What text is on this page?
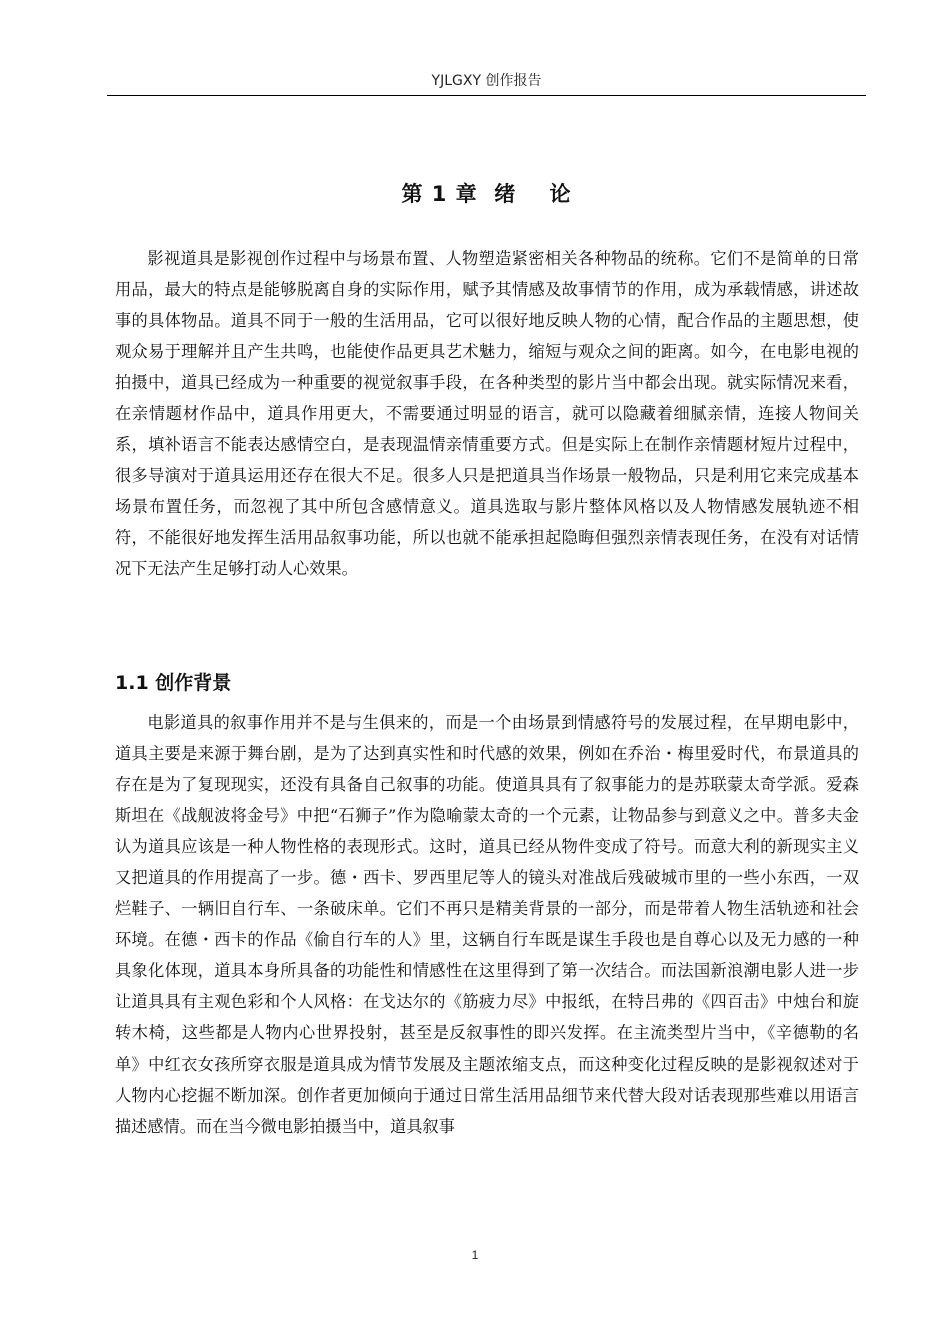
YJLGXY 创作报告
第 1 章  绪    论

影视道具是影视创作过程中与场景布置、人物塑造紧密相关各种物品的统称。它们不是简单的日常用品，最大的特点是能够脱离自身的实际作用，赋予其情感及故事情节的作用，成为承载情感，讲述故事的具体物品。道具不同于一般的生活用品，它可以很好地反映人物的心情，配合作品的主题思想，使观众易于理解并且产生共鸣，也能使作品更具艺术魅力，缩短与观众之间的距离。如今，在电影电视的拍摄中，道具已经成为一种重要的视觉叙事手段，在各种类型的影片当中都会出现。就实际情况来看，在亲情题材作品中，道具作用更大，不需要通过明显的语言，就可以隐藏着细腻亲情，连接人物间关系，填补语言不能表达感情空白，是表现温情亲情重要方式。但是实际上在制作亲情题材短片过程中，很多导演对于道具运用还存在很大不足。很多人只是把道具当作场景一般物品，只是利用它来完成基本场景布置任务，而忽视了其中所包含感情意义。道具选取与影片整体风格以及人物情感发展轨迹不相符，不能很好地发挥生活用品叙事功能，所以也就不能承担起隐晦但强烈亲情表现任务，在没有对话情况下无法产生足够打动人心效果。

1.1 创作背景

电影道具的叙事作用并不是与生俱来的，而是一个由场景到情感符号的发展过程，在早期电影中，道具主要是来源于舞台剧，是为了达到真实性和时代感的效果，例如在乔治・梅里爱时代，布景道具的存在是为了复现现实，还没有具备自己叙事的功能。使道具具有了叙事能力的是苏联蒙太奇学派。爱森斯坦在《战舰波将金号》中把“石狮子”作为隐喻蒙太奇的一个元素，让物品参与到意义之中。普多夫金认为道具应该是一种人物性格的表现形式。这时，道具已经从物件变成了符号。而意大利的新现实主义又把道具的作用提高了一步。德・西卡、罗西里尼等人的镜头对准战后残破城市里的一些小东西，一双烂鞋子、一辆旧自行车、一条破床单。它们不再只是精美背景的一部分，而是带着人物生活轨迹和社会环境。在德・西卡的作品《偷自行车的人》里，这辆自行车既是谋生手段也是自尊心以及无力感的一种具象化体现，道具本身所具备的功能性和情感性在这里得到了第一次结合。而法国新浪潮电影人进一步让道具具有主观色彩和个人风格：在戈达尔的《筋疲力尽》中报纸，在特吕弗的《四百击》中烛台和旋转木椅，这些都是人物内心世界投射，甚至是反叙事性的即兴发挥。在主流类型片当中，《辛德勒的名单》中红衣女孩所穿衣服是道具成为情节发展及主题浓缩支点，而这种变化过程反映的是影视叙述对于人物内心挖掘不断加深。创作者更加倾向于通过日常生活用品细节来代替大段对话表现那些难以用语言描述感情。而在当今微电影拍摄当中，道具叙事

1
